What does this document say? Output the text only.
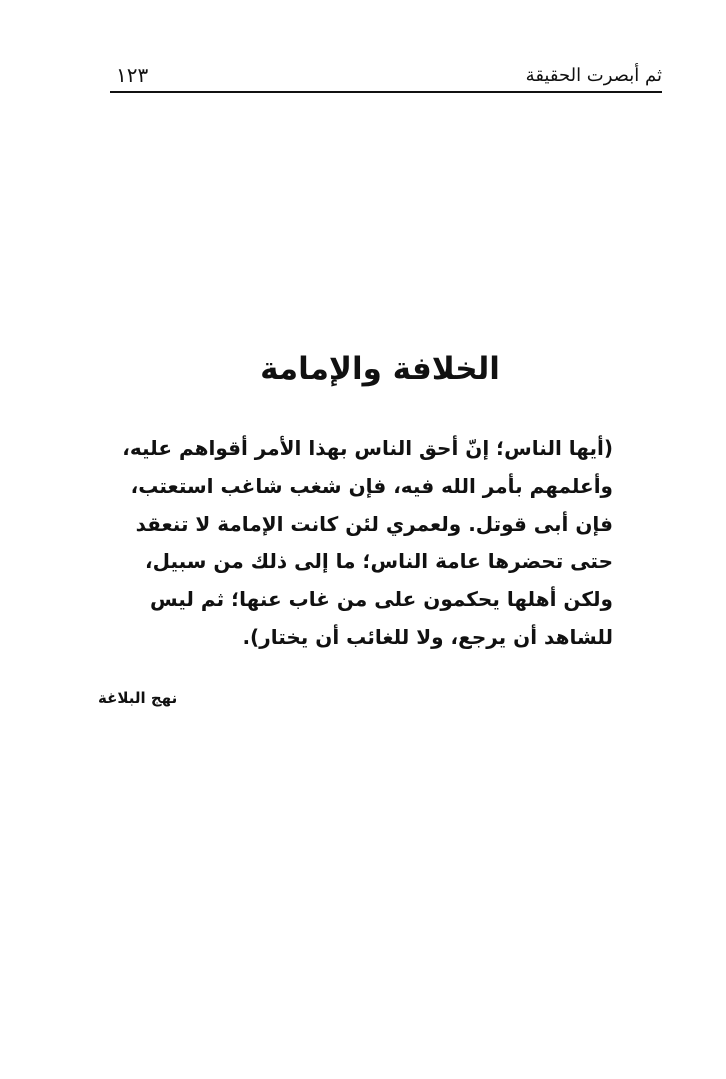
ثم أبصرت الحقيقة
١٢٣
الخلافة والإمامة
(أيها الناس؛ إنّ أحق الناس بهذا الأمر أقواهم عليه،
وأعلمهم بأمر الله فيه، فإن شغب شاغب استعتب،
فإن أبى قوتل. ولعمري لئن كانت الإمامة لا تنعقد
حتى تحضرها عامة الناس؛ ما إلى ذلك من سبيل،
ولكن أهلها يحكمون على من غاب عنها؛ ثم ليس
للشاهد أن يرجع، ولا للغائب أن يختار).
نهج البلاغة
